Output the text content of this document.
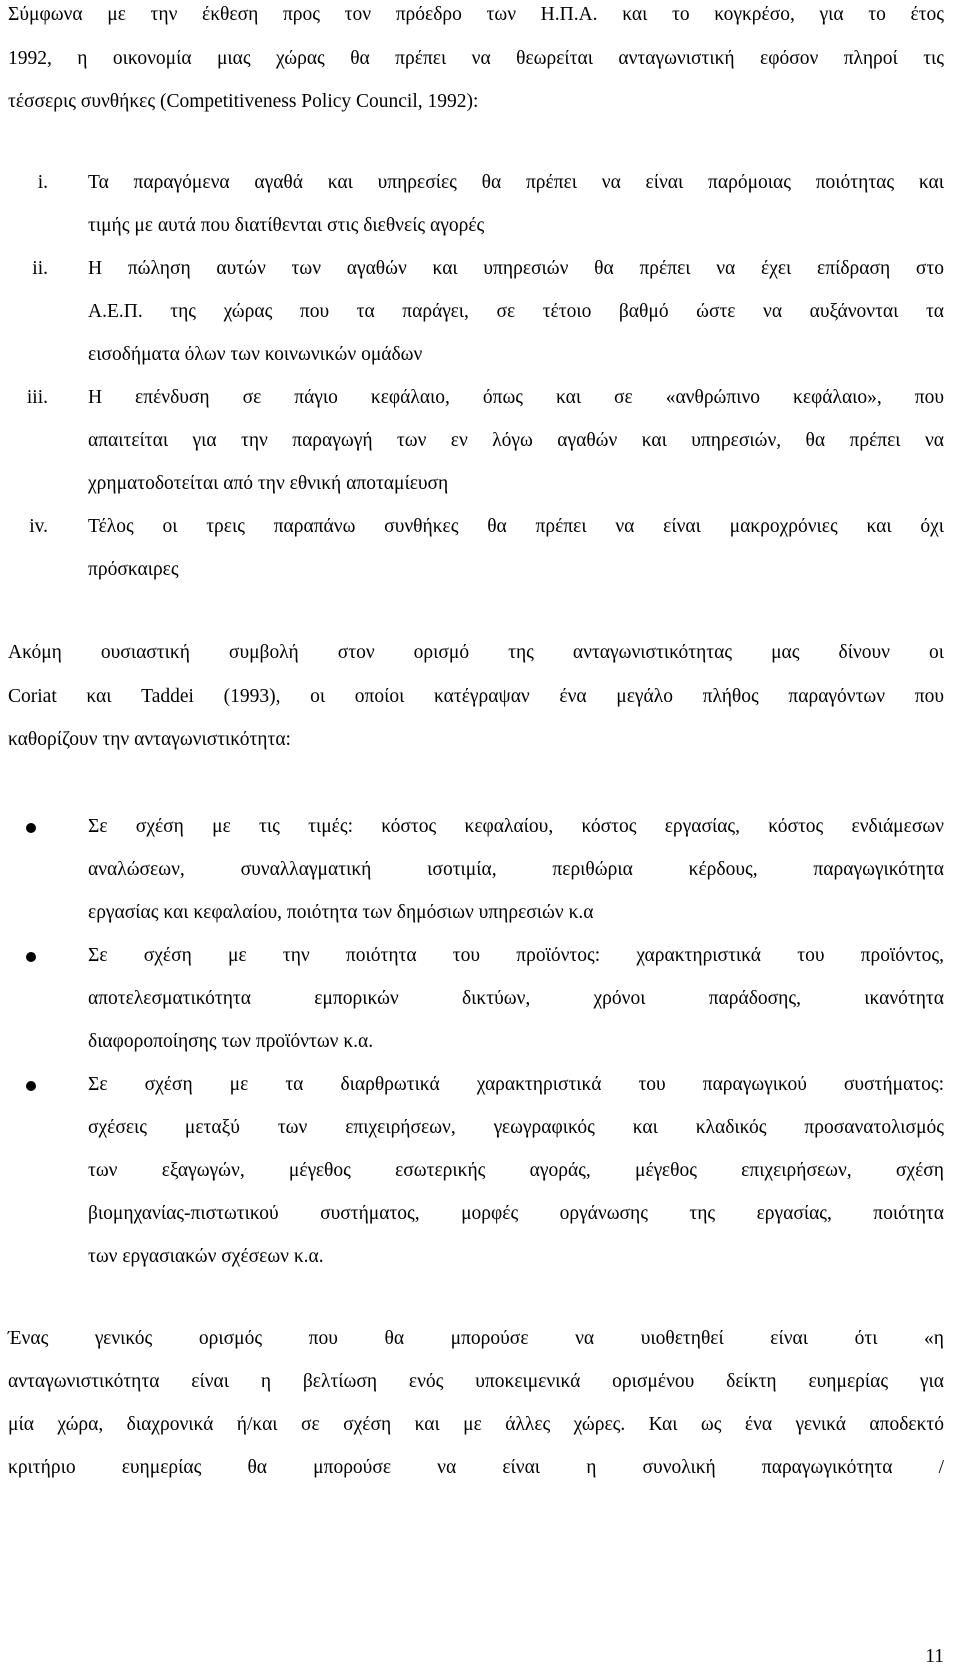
Σύμφωνα με την έκθεση προς τον πρόεδρο των Η.Π.Α. και το κογκρέσο, για το έτος
1992, η οικονομία μιας χώρας θα πρέπει να θεωρείται ανταγωνιστική εφόσον πληροί τις
τέσσερις συνθήκες (Competitiveness Policy Council, 1992):
i. Τα παραγόμενα αγαθά και υπηρεσίες θα πρέπει να είναι παρόμοιας ποιότητας και
τιμής με αυτά που διατίθενται στις διεθνείς αγορές
ii. Η πώληση αυτών των αγαθών και υπηρεσιών θα πρέπει να έχει επίδραση στο
Α.Ε.Π. της χώρας που τα παράγει, σε τέτοιο βαθμό ώστε να αυξάνονται τα
εισοδήματα όλων των κοινωνικών ομάδων
iii. Η επένδυση σε πάγιο κεφάλαιο, όπως και σε «ανθρώπινο κεφάλαιο», που
απαιτείται για την παραγωγή των εν λόγω αγαθών και υπηρεσιών, θα πρέπει να
χρηματοδοτείται από την εθνική αποταμίευση
iv. Τέλος οι τρεις παραπάνω συνθήκες θα πρέπει να είναι μακροχρόνιες και όχι
πρόσκαιρες
Ακόμη ουσιαστική συμβολή στον ορισμό της ανταγωνιστικότητας μας δίνουν οι
Coriat και Taddei (1993), οι οποίοι κατέγραψαν ένα μεγάλο πλήθος παραγόντων που
καθορίζουν την ανταγωνιστικότητα:
Σε σχέση με τις τιμές: κόστος κεφαλαίου, κόστος εργασίας, κόστος ενδιάμεσων
αναλώσεων, συναλλαγματική ισοτιμία, περιθώρια κέρδους, παραγωγικότητα
εργασίας και κεφαλαίου, ποιότητα των δημόσιων υπηρεσιών κ.α
Σε σχέση με την ποιότητα του προϊόντος: χαρακτηριστικά του προϊόντος,
αποτελεσματικότητα εμπορικών δικτύων, χρόνοι παράδοσης, ικανότητα
διαφοροποίησης των προϊόντων κ.α.
Σε σχέση με τα διαρθρωτικά χαρακτηριστικά του παραγωγικού συστήματος:
σχέσεις μεταξύ των επιχειρήσεων, γεωγραφικός και κλαδικός προσανατολισμός
των εξαγωγών, μέγεθος εσωτερικής αγοράς, μέγεθος επιχειρήσεων, σχέση
βιομηχανίας-πιστωτικού συστήματος, μορφές οργάνωσης της εργασίας, ποιότητα
των εργασιακών σχέσεων κ.α.
Ένας γενικός ορισμός που θα μπορούσε να υιοθετηθεί είναι ότι «η
ανταγωνιστικότητα είναι η βελτίωση ενός υποκειμενικά ορισμένου δείκτη ευημερίας για
μία χώρα, διαχρονικά ή/και σε σχέση και με άλλες χώρες. Και ως ένα γενικά αποδεκτό
κριτήριο ευημερίας θα μπορούσε να είναι η συνολική παραγωγικότητα /
11
